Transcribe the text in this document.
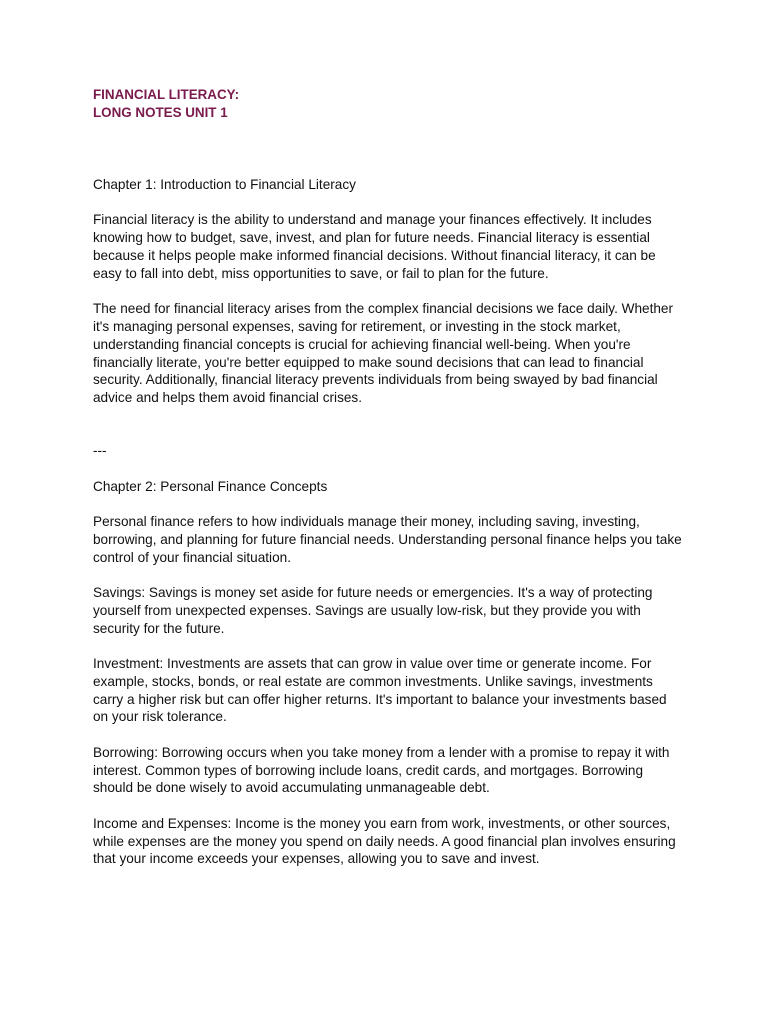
FINANCIAL LITERACY:

LONG NOTES UNIT 1

Chapter 1: Introduction to Financial Literacy

Financial literacy is the ability to understand and manage your finances effectively. It includes knowing how to budget, save, invest, and plan for future needs. Financial literacy is essential because it helps people make informed financial decisions. Without financial literacy, it can be easy to fall into debt, miss opportunities to save, or fail to plan for the future.

The need for financial literacy arises from the complex financial decisions we face daily. Whether it's managing personal expenses, saving for retirement, or investing in the stock market, understanding financial concepts is crucial for achieving financial well-being. When you're financially literate, you're better equipped to make sound decisions that can lead to financial security. Additionally, financial literacy prevents individuals from being swayed by bad financial advice and helps them avoid financial crises.

---

Chapter 2: Personal Finance Concepts

Personal finance refers to how individuals manage their money, including saving, investing, borrowing, and planning for future financial needs. Understanding personal finance helps you take control of your financial situation.

Savings: Savings is money set aside for future needs or emergencies. It's a way of protecting yourself from unexpected expenses. Savings are usually low-risk, but they provide you with security for the future.

Investment: Investments are assets that can grow in value over time or generate income. For example, stocks, bonds, or real estate are common investments. Unlike savings, investments carry a higher risk but can offer higher returns. It's important to balance your investments based on your risk tolerance.

Borrowing: Borrowing occurs when you take money from a lender with a promise to repay it with interest. Common types of borrowing include loans, credit cards, and mortgages. Borrowing should be done wisely to avoid accumulating unmanageable debt.

Income and Expenses: Income is the money you earn from work, investments, or other sources, while expenses are the money you spend on daily needs. A good financial plan involves ensuring that your income exceeds your expenses, allowing you to save and invest.
